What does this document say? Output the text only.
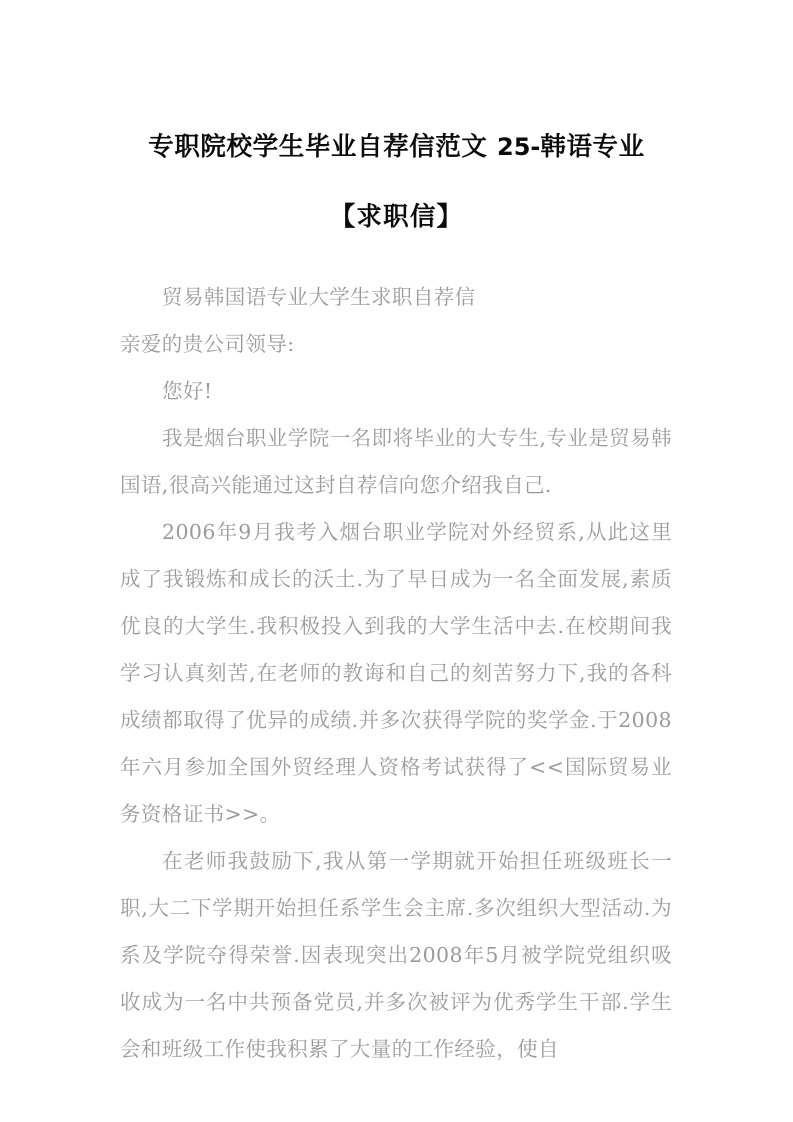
专职院校学生毕业自荐信范文 25-韩语专业
【求职信】

贸易韩国语专业大学生求职自荐信

亲爱的贵公司领导:

您好!

我是烟台职业学院一名即将毕业的大专生,专业是贸易韩国语,很高兴能通过这封自荐信向您介绍我自己.

2006年9月我考入烟台职业学院对外经贸系,从此这里成了我锻炼和成长的沃土.为了早日成为一名全面发展,素质优良的大学生.我积极投入到我的大学生活中去.在校期间我学习认真刻苦,在老师的教诲和自己的刻苦努力下,我的各科成绩都取得了优异的成绩.并多次获得学院的奖学金.于2008年六月参加全国外贸经理人资格考试获得了<<国际贸易业务资格证书>>。

在老师我鼓励下,我从第一学期就开始担任班级班长一职,大二下学期开始担任系学生会主席.多次组织大型活动.为系及学院夺得荣誉.因表现突出2008年5月被学院党组织吸收成为一名中共预备党员,并多次被评为优秀学生干部.学生会和班级工作使我积累了大量的工作经验，使自
